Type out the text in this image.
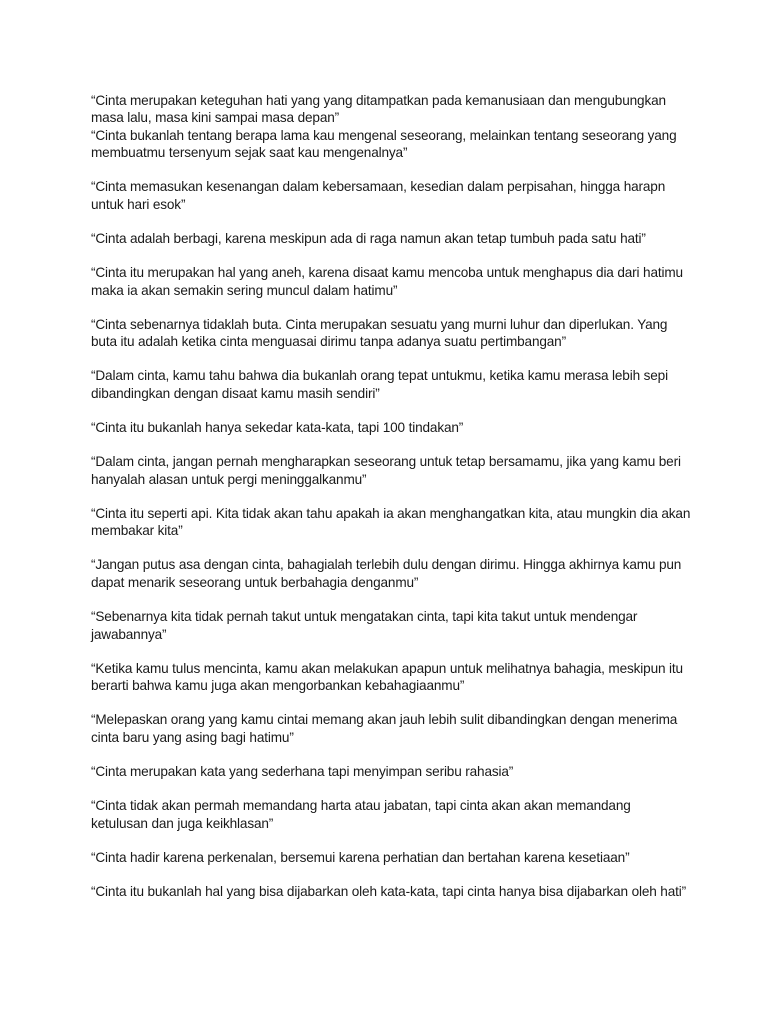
“Cinta merupakan keteguhan hati yang yang ditampatkan pada kemanusiaan dan mengubungkan masa lalu, masa kini sampai masa depan”

“Cinta bukanlah tentang berapa lama kau mengenal seseorang, melainkan tentang seseorang yang membuatmu tersenyum sejak saat kau mengenalnya”

“Cinta memasukan kesenangan dalam kebersamaan, kesedian dalam perpisahan, hingga harapn untuk hari esok”

“Cinta adalah berbagi, karena meskipun ada di raga namun akan tetap tumbuh pada satu hati”

“Cinta itu merupakan hal yang aneh, karena disaat kamu mencoba untuk menghapus dia dari hatimu maka ia akan semakin sering muncul dalam hatimu”

“Cinta sebenarnya tidaklah buta. Cinta merupakan sesuatu yang murni luhur dan diperlukan. Yang buta itu adalah ketika cinta menguasai dirimu tanpa adanya suatu pertimbangan”

“Dalam cinta, kamu tahu bahwa dia bukanlah orang tepat untukmu, ketika kamu merasa lebih sepi dibandingkan dengan disaat kamu masih sendiri”

“Cinta itu bukanlah hanya sekedar kata-kata, tapi 100 tindakan”

“Dalam cinta, jangan pernah mengharapkan seseorang untuk tetap bersamamu, jika yang kamu beri hanyalah alasan untuk pergi meninggalkanmu”

“Cinta itu seperti api. Kita tidak akan tahu apakah ia akan menghangatkan kita, atau mungkin dia akan membakar kita”

“Jangan putus asa dengan cinta, bahagialah terlebih dulu dengan dirimu. Hingga akhirnya kamu pun dapat menarik seseorang untuk berbahagia denganmu”

“Sebenarnya kita tidak pernah takut untuk mengatakan cinta, tapi kita takut untuk mendengar jawabannya”

“Ketika kamu tulus mencinta, kamu akan melakukan apapun untuk melihatnya bahagia, meskipun itu berarti bahwa kamu juga akan mengorbankan kebahagiaanmu”

“Melepaskan orang yang kamu cintai memang akan jauh lebih sulit dibandingkan dengan menerima cinta baru yang asing bagi hatimu”

“Cinta merupakan kata yang sederhana tapi menyimpan seribu rahasia”

“Cinta tidak akan permah memandang harta atau jabatan, tapi cinta akan akan memandang ketulusan dan juga keikhlasan”

“Cinta hadir karena perkenalan, bersemui karena perhatian dan bertahan karena kesetiaan”

“Cinta itu bukanlah hal yang bisa dijabarkan oleh kata-kata, tapi cinta hanya bisa dijabarkan oleh hati”
